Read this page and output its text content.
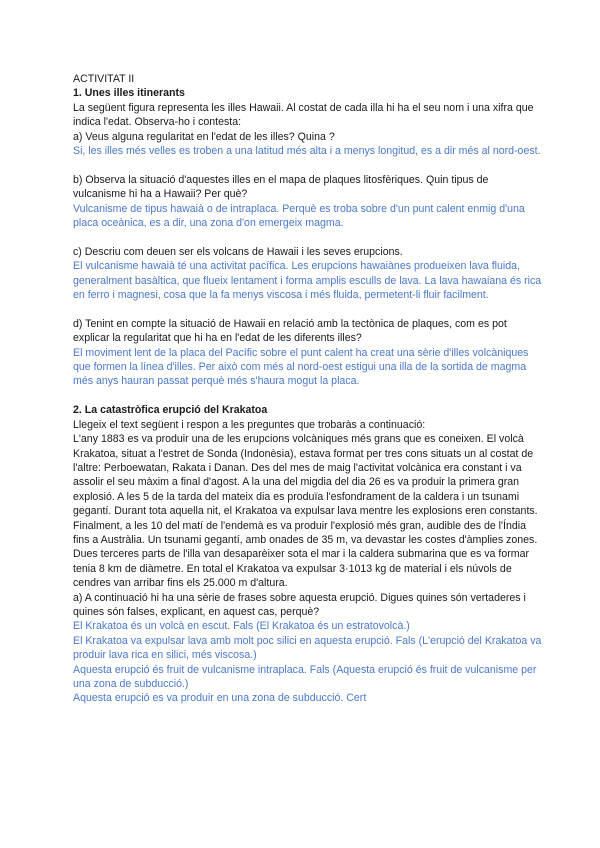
ACTIVITAT II

1. Unes illes itinerants

La següent figura representa les illes Hawaii. Al costat de cada illa hi ha el seu nom i una xifra que indica l'edat. Observa-ho i contesta:

a) Veus alguna regularitat en l'edat de les illes? Quina ?

Si, les illes més velles es troben a una latitud més alta i a menys longitud, es a dir més al nord-oest.

b) Observa la situació d'aquestes illes en el mapa de plaques litosfèriques. Quin tipus de vulcanisme hi ha a Hawaii? Per què?

Vulcanisme de tipus hawaià o de intraplaca. Perquè es troba sobre d'un punt calent enmig d'una placa oceànica, es a dir, una zona d'on emergeix magma.

c) Descriu com deuen ser els volcans de Hawaii i les seves erupcions.

El vulcanisme hawaià té una activitat pacífica. Les erupcions hawaiànes produeixen lava fluida, generalment basàltica, que flueix lentament i forma amplis esculls de lava. La lava hawaiana és rica en ferro i magnesi, cosa que la fa menys viscosa i més fluida, permetent-li fluir facilment.

d) Tenint en compte la situació de Hawaii en relació amb la tectònica de plaques, com es pot explicar la regularitat que hi ha en l'edat de les diferents illes?

El moviment lent de la placa del Pacífic sobre el punt calent ha creat una sèrie d'illes volcàniques que formen la línea d'illes. Per això com més al nord-oest estigui una illa de la sortida de magma més anys hauran passat perquè més s'haura mogut la placa.

2. La catastròfica erupció del Krakatoa

Llegeix el text següent i respon a les preguntes que trobaràs a continuació:

L'any 1883 es va produir una de les erupcions volcàniques més grans que es coneixen. El volcà Krakatoa, situat a l'estret de Sonda (Indonèsia), estava format per tres cons situats un al costat de l'altre: Perboewatan, Rakata i Danan. Des del mes de maig l'activitat volcànica era constant i va assolir el seu màxim a final d'agost. A la una del migdia del dia 26 es va produir la primera gran explosió. A les 5 de la tarda del mateix dia es produïa l'esfondrament de la caldera i un tsunami gegantí. Durant tota aquella nit, el Krakatoa va expulsar lava mentre les explosions eren constants. Finalment, a les 10 del matí de l'endemà es va produir l'explosió més gran, audible des de l'Índia fins a Austràlia. Un tsunami gegantí, amb onades de 35 m, va devastar les costes d'àmplies zones. Dues terceres parts de l'illa van desaparèixer sota el mar i la caldera submarina que es va formar tenia 8 km de diàmetre. En total el Krakatoa va expulsar 3·1013 kg de material i els núvols de cendres van arribar fins els 25.000 m d'altura.

a) A continuació hi ha una sèrie de frases sobre aquesta erupció. Digues quines són vertaderes i quines són falses, explicant, en aquest cas, perquè?

El Krakatoa és un volcà en escut. Fals (El Krakatoa és un estratovolcà.)

El Krakatoa va expulsar lava amb molt poc silici en aquesta erupció. Fals (L'erupció del Krakatoa va produir lava rica en silici, més viscosa.)

Aquesta erupció és fruit de vulcanisme intraplaca. Fals (Aquesta erupció és fruit de vulcanisme per una zona de subducció.)

Aquesta erupció es va produir en una zona de subducció. Cert
